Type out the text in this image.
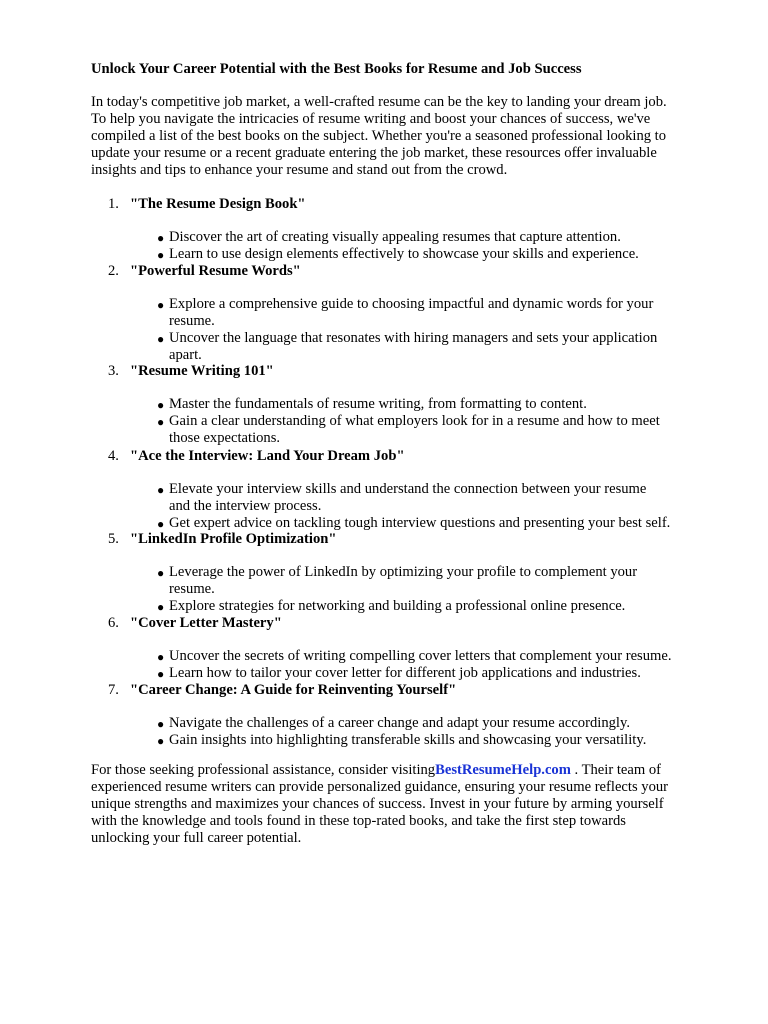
Unlock Your Career Potential with the Best Books for Resume and Job Success
In today's competitive job market, a well-crafted resume can be the key to landing your dream job.
To help you navigate the intricacies of resume writing and boost your chances of success, we've
compiled a list of the best books on the subject. Whether you're a seasoned professional looking to
update your resume or a recent graduate entering the job market, these resources offer invaluable
insights and tips to enhance your resume and stand out from the crowd.
1. "The Resume Design Book"
● Discover the art of creating visually appealing resumes that capture attention.
● Learn to use design elements effectively to showcase your skills and experience.
2. "Powerful Resume Words"
● Explore a comprehensive guide to choosing impactful and dynamic words for your
resume.
● Uncover the language that resonates with hiring managers and sets your application
apart.
3. "Resume Writing 101"
● Master the fundamentals of resume writing, from formatting to content.
● Gain a clear understanding of what employers look for in a resume and how to meet
those expectations.
4. "Ace the Interview: Land Your Dream Job"
● Elevate your interview skills and understand the connection between your resume
and the interview process.
● Get expert advice on tackling tough interview questions and presenting your best self.
5. "LinkedIn Profile Optimization"
● Leverage the power of LinkedIn by optimizing your profile to complement your
resume.
● Explore strategies for networking and building a professional online presence.
6. "Cover Letter Mastery"
● Uncover the secrets of writing compelling cover letters that complement your resume.
● Learn how to tailor your cover letter for different job applications and industries.
7. "Career Change: A Guide for Reinventing Yourself"
● Navigate the challenges of a career change and adapt your resume accordingly.
● Gain insights into highlighting transferable skills and showcasing your versatility.
For those seeking professional assistance, consider visitingBestResumeHelp.com . Their team of
experienced resume writers can provide personalized guidance, ensuring your resume reflects your
unique strengths and maximizes your chances of success. Invest in your future by arming yourself
with the knowledge and tools found in these top-rated books, and take the first step towards
unlocking your full career potential.
